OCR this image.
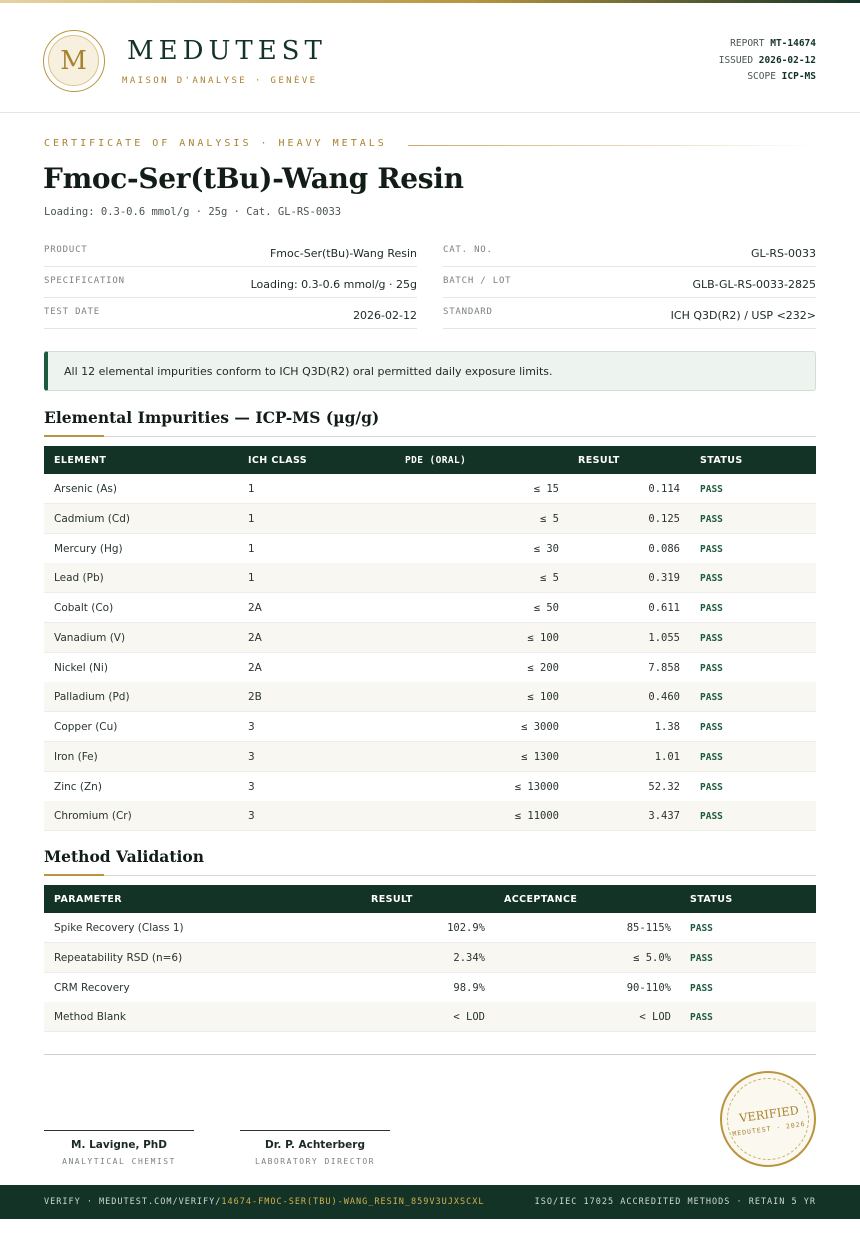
M	MEDUTEST
MAISON D'ANALYSE · GENÈVE
REPORT MT-14674
ISSUED 2026-02-12
SCOPE ICP-MS
CERTIFICATE OF ANALYSIS · HEAVY METALS
Fmoc-Ser(tBu)-Wang Resin
Loading: 0.3-0.6 mmol/g · 25g · Cat. GL-RS-0033
PRODUCT	Fmoc-Ser(tBu)-Wang Resin	CAT. NO.	GL-RS-0033
SPECIFICATION	Loading: 0.3-0.6 mmol/g · 25g	BATCH / LOT	GLB-GL-RS-0033-2825
TEST DATE	2026-02-12	STANDARD	ICH Q3D(R2) / USP <232>
All 12 elemental impurities conform to ICH Q3D(R2) oral permitted daily exposure limits.
Elemental Impurities — ICP-MS (µg/g)
ELEMENT	ICH CLASS	PDE (ORAL)	RESULT	STATUS
Arsenic (As)	1	≤ 15	0.114 PASS
Cadmium (Cd)	1	≤ 5	0.125 PASS
Mercury (Hg)	1	≤ 30	0.086 PASS
Lead (Pb)	1	≤ 5	0.319 PASS
Cobalt (Co)	2A	≤ 50	0.611 PASS
Vanadium (V)	2A	≤ 100	1.055 PASS
Nickel (Ni)	2A	≤ 200	7.858 PASS
Palladium (Pd)	2B	≤ 100	0.460 PASS
Copper (Cu)	3	≤ 3000	1.38 PASS
Iron (Fe)	3	≤ 1300	1.01 PASS
Zinc (Zn)	3	≤ 13000	52.32 PASS
Chromium (Cr)	3	≤ 11000	3.437 PASS
Method Validation
PARAMETER	RESULT	ACCEPTANCE	STATUS
Spike Recovery (Class 1)	102.9%	85-115% PASS
Repeatability RSD (n=6)	2.34%	≤ 5.0% PASS
CRM Recovery	98.9%	90-110% PASS
Method Blank	< LOD	< LOD PASS
M. Lavigne, PhD
ANALYTICAL CHEMIST
Dr. P. Achterberg
LABORATORY DIRECTOR
VERIFIED
MEDUTEST · 2026
VERIFY · MEDUTEST.COM/VERIFY/14674-FMOC-SER(TBU)-WANG_RESIN_859V3UJXSCXL	ISO/IEC 17025 ACCREDITED METHODS · RETAIN 5 YR
